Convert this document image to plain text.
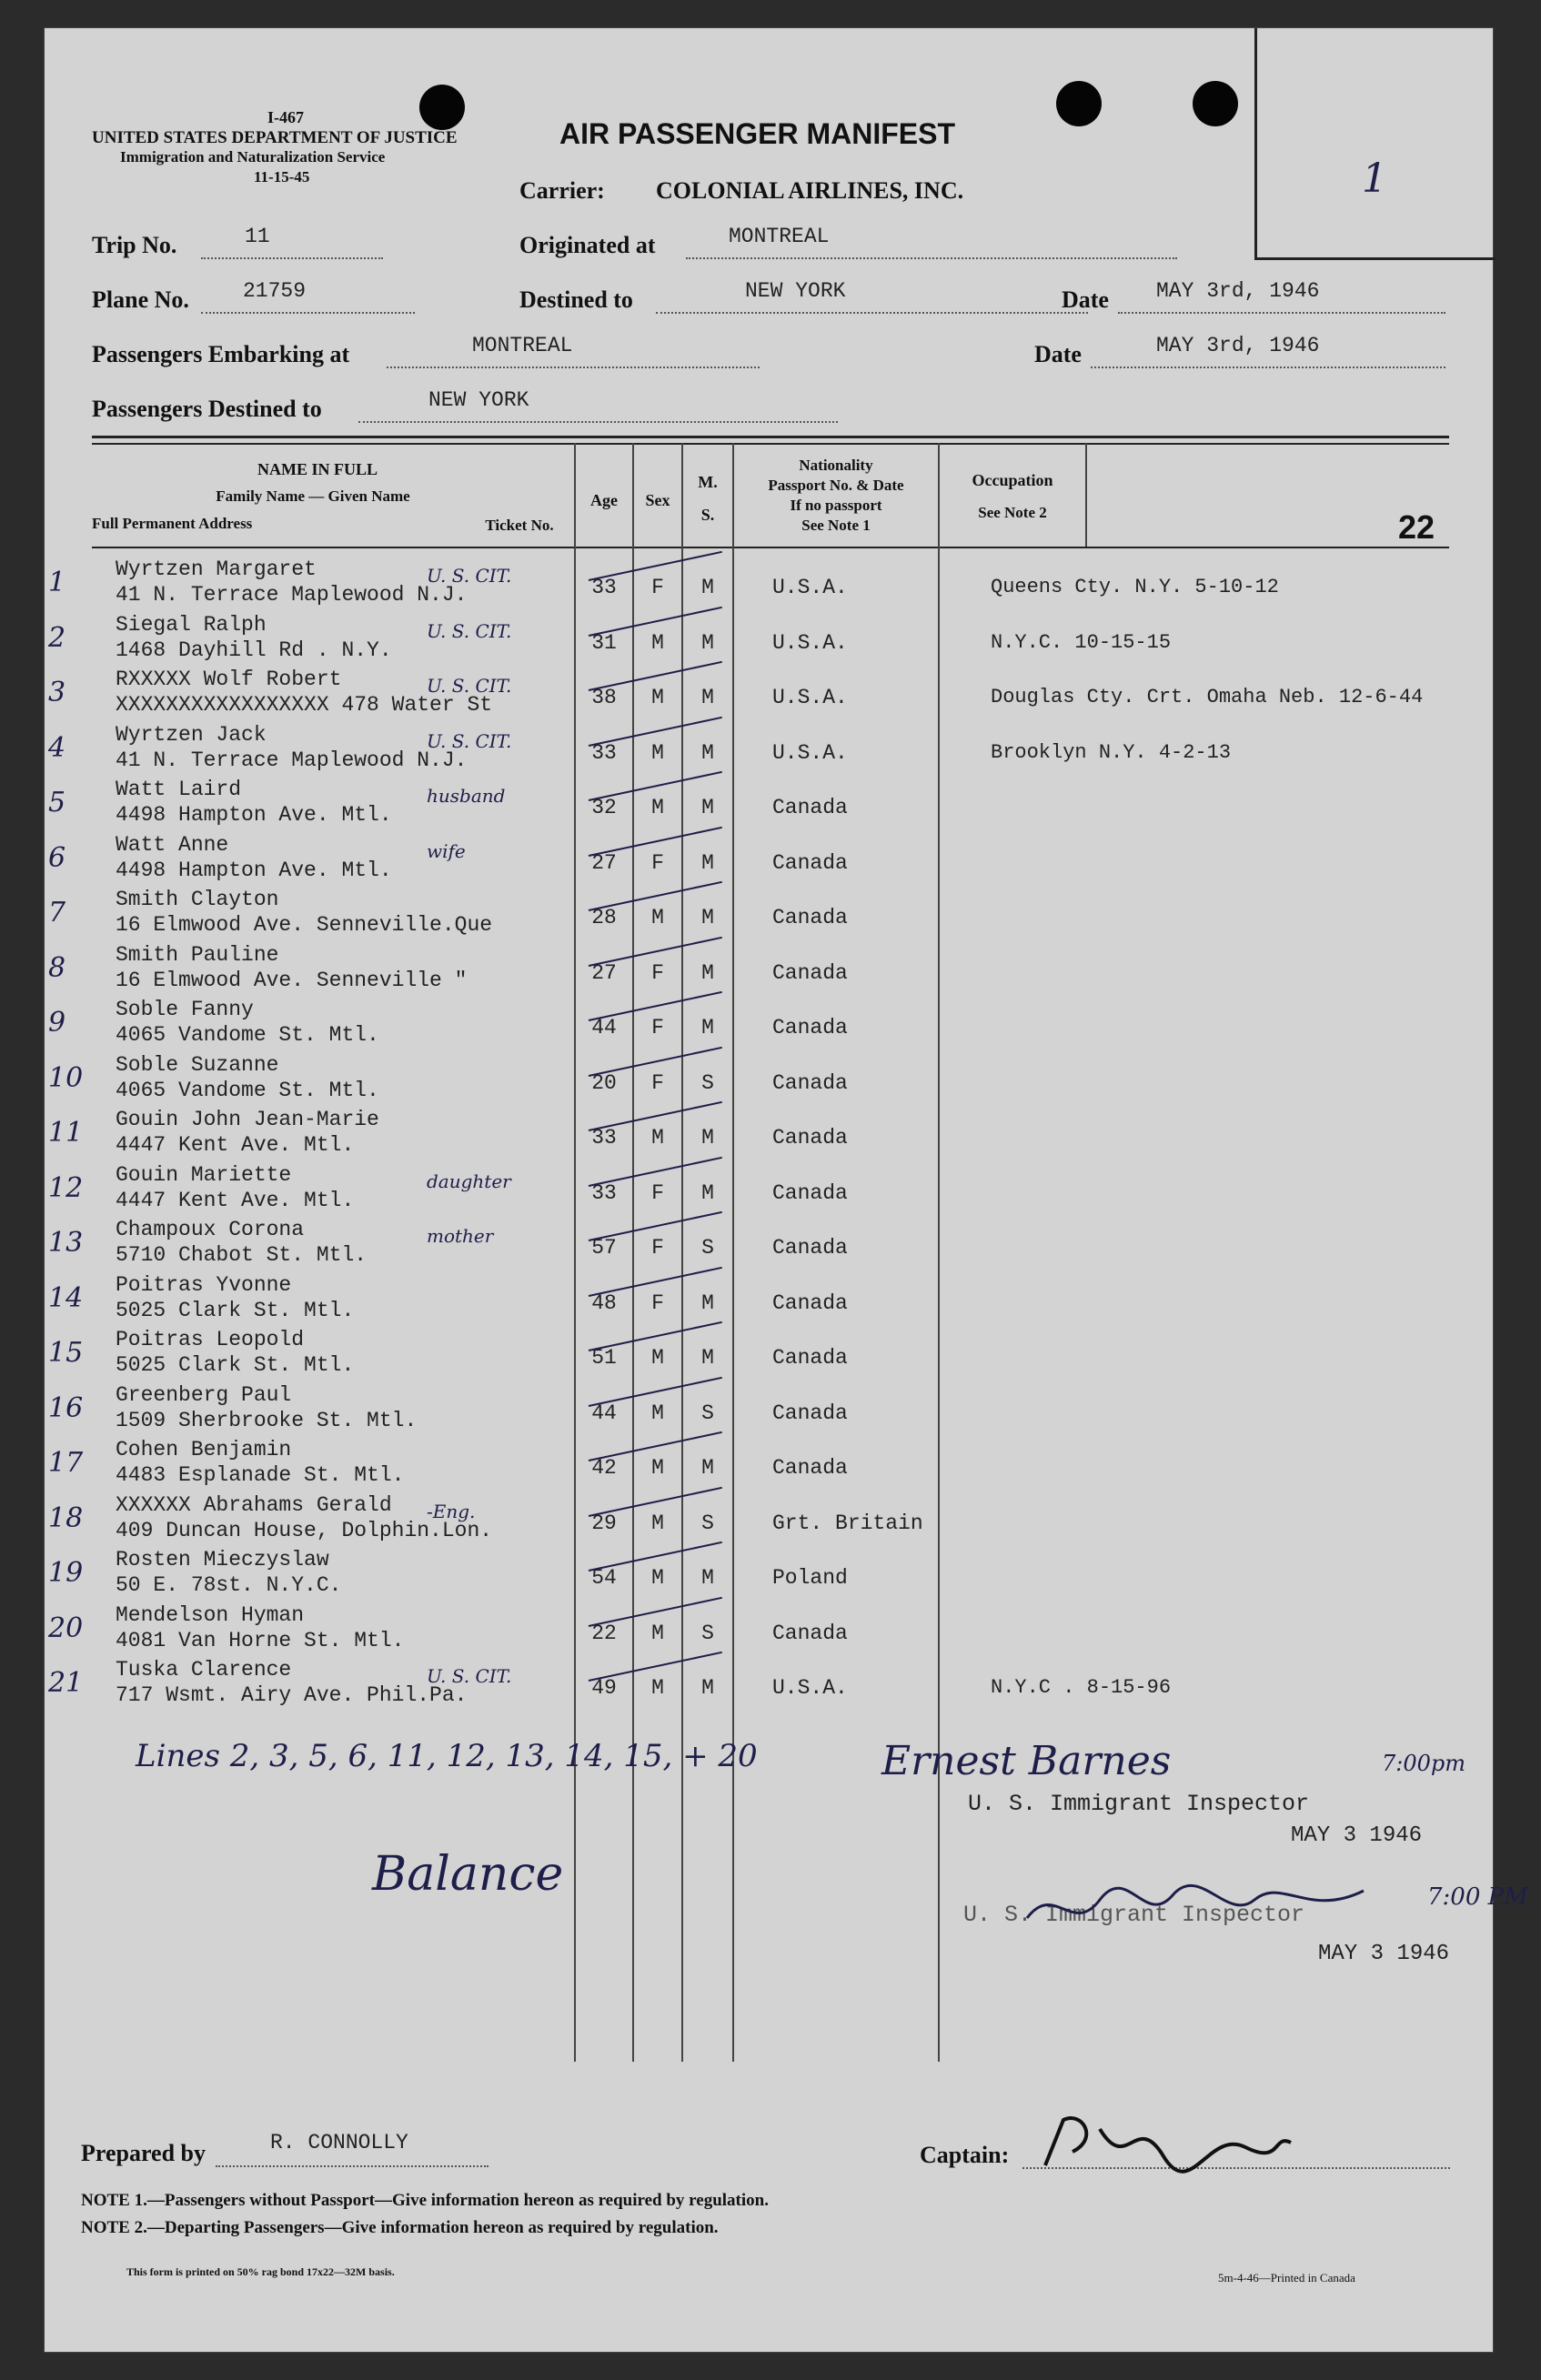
I-467
UNITED STATES DEPARTMENT OF JUSTICE
Immigration and Naturalization Service
11-15-45
AIR PASSENGER MANIFEST
Carrier: COLONIAL AIRLINES, INC.	1
Trip No.	11	Originated at	MONTREAL
Plane No.	21759	Destined to	NEW YORK	Date MAY 3rd, 1946
Passengers Embarking at	MONTREAL	Date	MAY 3rd, 1946
Passengers Destined to	NEW YORK
NAME IN FULL
Family Name — Given Name
Full Permanent Address	Ticket No.
Age	Sex
M.
S.
Nationality
Passport No. & Date
If no passport
See Note 1
Occupation
See Note 2	22
1 Wyrtzen Margaret
41 N. Terrace Maplewood N.J.	33	F	M	U.S.A.	Queens Cty. N.Y. 5-10-12
U. S. CIT.
2 Siegal Ralph
1468 Dayhill Rd . N.Y.	31	M	M	U.S.A.	N.Y.C. 10-15-15
U. S. CIT.
3 RXXXXX Wolf Robert
XXXXXXXXXXXXXXXXX 478 Water St	38	M	M	U.S.A.	Douglas Cty. Crt. Omaha Neb. 12-6-44
U. S. CIT.
4 Wyrtzen Jack
41 N. Terrace Maplewood N.J.	33	M	M	U.S.A.	Brooklyn N.Y. 4-2-13
U. S. CIT.
5 Watt Laird
4498 Hampton Ave. Mtl.	32	M	M	Canada
husband
6 Watt Anne
4498 Hampton Ave. Mtl.	27	F	M	Canada
wife
7 Smith Clayton
16 Elmwood Ave. Senneville.Que	28	M	M	Canada
8 Smith Pauline
16 Elmwood Ave. Senneville "	27	F	M	Canada
9 Soble Fanny
4065 Vandome St. Mtl.	44	F	M	Canada
10 Soble Suzanne
4065 Vandome St. Mtl.	20	F	S	Canada
11 Gouin John Jean-Marie
4447 Kent Ave. Mtl.	33	M	M	Canada
12 Gouin Mariette
4447 Kent Ave. Mtl.	33	F	M	Canada
daughter
13 Champoux Corona
5710 Chabot St. Mtl.	57	F	S	Canada
mother
14 Poitras Yvonne
5025 Clark St. Mtl.	48	F	M	Canada
15 Poitras Leopold
5025 Clark St. Mtl.	51	M	M	Canada
16 Greenberg Paul
1509 Sherbrooke St. Mtl.	44	M	S	Canada
17 Cohen Benjamin
4483 Esplanade St. Mtl.	42	M	M	Canada
18 XXXXXX Abrahams Gerald
409 Duncan House, Dolphin.Lon.	29	M	S	Grt. Britain
-Eng.
19 Rosten Mieczyslaw
50 E. 78st. N.Y.C.	54	M	M	Poland
20 Mendelson Hyman
4081 Van Horne St. Mtl.	22	M	S	Canada
21 Tuska Clarence
717 Wsmt. Airy Ave. Phil.Pa.	49	M	M	U.S.A.	N.Y.C . 8-15-96
U. S. CIT.
Lines 2, 3, 5, 6, 11, 12, 13, 14, 15, + 20	Ernest Barnes	7:00pm
U. S. Immigrant Inspector
MAY 3 1946
Balance
U. S. Immigrant Inspector
7:00 PM
MAY 3 1946
Prepared by	R. CONNOLLY	Captain:
NOTE 1.—Passengers without Passport—Give information hereon as required by regulation.
NOTE 2.—Departing Passengers—Give information hereon as required by regulation.
This form is printed on 50% rag bond 17x22—32M basis.	5m-4-46—Printed in Canada
